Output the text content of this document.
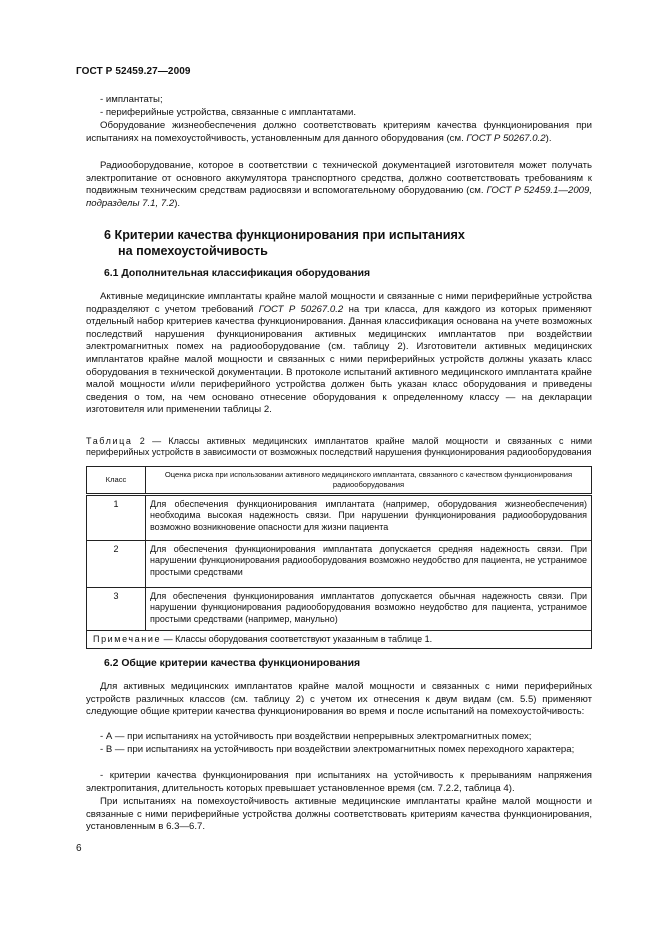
ГОСТ Р 52459.27—2009
- имплантаты;
- периферийные устройства, связанные с имплантатами.
Оборудование жизнеобеспечения должно соответствовать критериям качества функционирования при испытаниях на помехоустойчивость, установленным для данного оборудования (см. ГОСТ Р 50267.0.2).
Радиооборудование, которое в соответствии с технической документацией изготовителя может получать электропитание от основного аккумулятора транспортного средства, должно соответствовать требованиям к подвижным техническим средствам радиосвязи и вспомогательному оборудованию (см. ГОСТ Р 52459.1—2009, подразделы 7.1, 7.2).
6 Критерии качества функционирования при испытаниях
на помехоустойчивость
6.1 Дополнительная классификация оборудования
Активные медицинские имплантаты крайне малой мощности и связанные с ними периферийные устройства подразделяют с учетом требований ГОСТ Р 50267.0.2 на три класса, для каждого из которых применяют отдельный набор критериев качества функционирования. Данная классификация основана на учете возможных последствий нарушения функционирования активных медицинских имплантатов при воздействии электромагнитных помех на радиооборудование (см. таблицу 2). Изготовители активных медицинских имплантатов крайне малой мощности и связанных с ними периферийных устройств должны указать класс оборудования в технической документации. В протоколе испытаний активного медицинского имплантата крайне малой мощности и/или периферийного устройства должен быть указан класс оборудования и приведены сведения о том, на чем основано отнесение оборудования к определенному классу — на декларации изготовителя или применении таблицы 2.
Таблица 2 — Классы активных медицинских имплантатов крайне малой мощности и связанных с ними периферийных устройств в зависимости от возможных последствий нарушения функционирования радиооборудования
Класс	Оценка риска при использовании активного медицинского имплантата, связанного с качеством функционирования радиооборудования
1	Для обеспечения функционирования имплантата (например, оборудования жизнеобеспечения) необходима высокая надежность связи. При нарушении функционирования радиооборудования возможно возникновение опасности для жизни пациента
2	Для обеспечения функционирования имплантата допускается средняя надежность связи. При нарушении функционирования радиооборудования возможно неудобство для пациента, не устранимое простыми средствами
3	Для обеспечения функционирования имплантатов допускается обычная надежность связи. При нарушении функционирования радиооборудования возможно неудобство для пациента, устранимое простыми средствами (например, манульно)
Примечание — Классы оборудования соответствуют указанным в таблице 1.	
6.2 Общие критерии качества функционирования
Для активных медицинских имплантатов крайне малой мощности и связанных с ними периферийных устройств различных классов (см. таблицу 2) с учетом их отнесения к двум видам (см. 5.5) применяют следующие общие критерии качества функционирования во время и после испытаний на помехоустойчивость:
- А — при испытаниях на устойчивость при воздействии непрерывных электромагнитных помех;
- В — при испытаниях на устойчивость при воздействии электромагнитных помех переходного характера;
- критерии качества функционирования при испытаниях на устойчивость к прерываниям напряжения электропитания, длительность которых превышает установленное время (см. 7.2.2, таблица 4).
При испытаниях на помехоустойчивость активные медицинские имплантаты крайне малой мощности и связанные с ними периферийные устройства должны соответствовать критериям качества функционирования, установленным в 6.3—6.7.
6
